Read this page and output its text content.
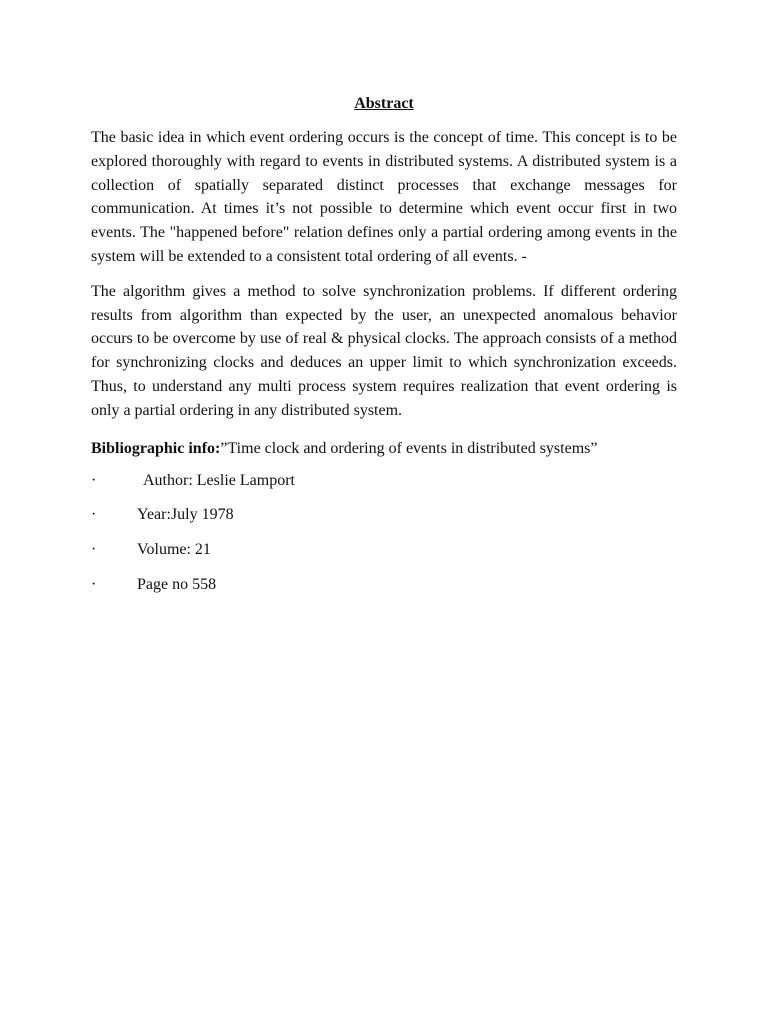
Abstract

The basic idea in which event ordering occurs is the concept of time. This concept is to be explored thoroughly with regard to events in distributed systems. A distributed system is a collection of spatially separated distinct processes that exchange messages for communication. At times it’s not possible to determine which event occur first in two events. The "happened before" relation defines only a partial ordering among events in the system will be extended to a consistent total ordering of all events. -

The algorithm gives a method to solve synchronization problems. If different ordering results from algorithm than expected by the user, an unexpected anomalous behavior occurs to be overcome by use of real & physical clocks. The approach consists of a method for synchronizing clocks and deduces an upper limit to which synchronization exceeds. Thus, to understand any multi process system requires realization that event ordering is only a partial ordering in any distributed system.

Bibliographic info:”Time clock and ordering of events in distributed systems”
·	Author: Leslie Lamport
·	Year:July 1978
·	Volume: 21
·	Page no 558
